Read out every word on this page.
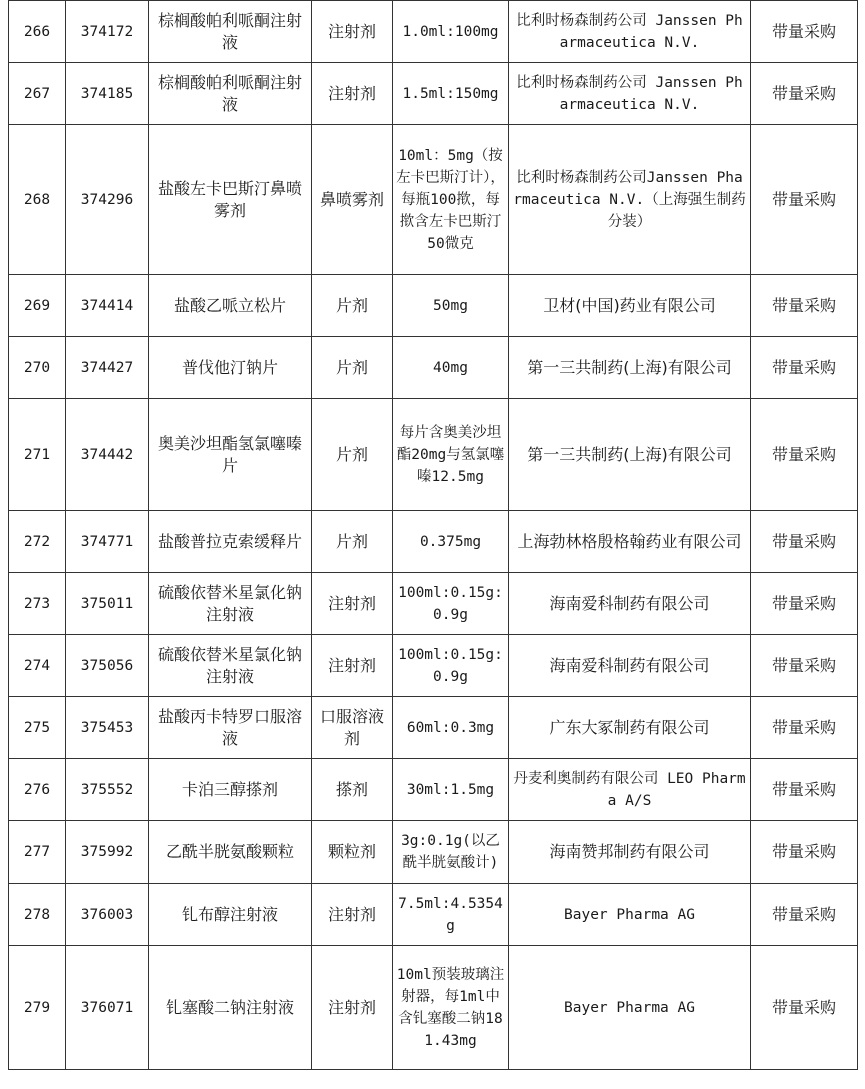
266	374172	棕榈酸帕利哌酮注射液	注射剂	1.0ml:100mg	比利时杨森制药公司 Janssen Pharmaceutica N.V.	带量采购
267	374185	棕榈酸帕利哌酮注射液	注射剂	1.5ml:150mg	比利时杨森制药公司 Janssen Pharmaceutica N.V.	带量采购
268	374296	盐酸左卡巴斯汀鼻喷雾剂	鼻喷雾剂	10ml：5mg（按左卡巴斯汀计），每瓶100揿，每揿含左卡巴斯汀50微克	比利时杨森制药公司Janssen Pharmaceutica N.V.（上海强生制药分装）	带量采购
269	374414	盐酸乙哌立松片	片剂	50mg	卫材(中国)药业有限公司	带量采购
270	374427	普伐他汀钠片	片剂	40mg	第一三共制药(上海)有限公司	带量采购
271	374442	奥美沙坦酯氢氯噻嗪片	片剂	每片含奥美沙坦酯20mg与氢氯噻嗪12.5mg	第一三共制药(上海)有限公司	带量采购
272	374771	盐酸普拉克索缓释片	片剂	0.375mg	上海勃林格殷格翰药业有限公司	带量采购
273	375011	硫酸依替米星氯化钠注射液	注射剂	100ml:0.15g:0.9g	海南爱科制药有限公司	带量采购
274	375056	硫酸依替米星氯化钠注射液	注射剂	100ml:0.15g:0.9g	海南爱科制药有限公司	带量采购
275	375453	盐酸丙卡特罗口服溶液	口服溶液剂	60ml:0.3mg	广东大冢制药有限公司	带量采购
276	375552	卡泊三醇搽剂	搽剂	30ml:1.5mg	丹麦利奥制药有限公司 LEO Pharma A/S	带量采购
277	375992	乙酰半胱氨酸颗粒	颗粒剂	3g:0.1g(以乙酰半胱氨酸计)	海南赞邦制药有限公司	带量采购
278	376003	钆布醇注射液	注射剂	7.5ml:4.5354g	Bayer Pharma AG	带量采购
279	376071	钆塞酸二钠注射液	注射剂	10ml预装玻璃注射器，每1ml中含钆塞酸二钠181.43mg	Bayer Pharma AG	带量采购
